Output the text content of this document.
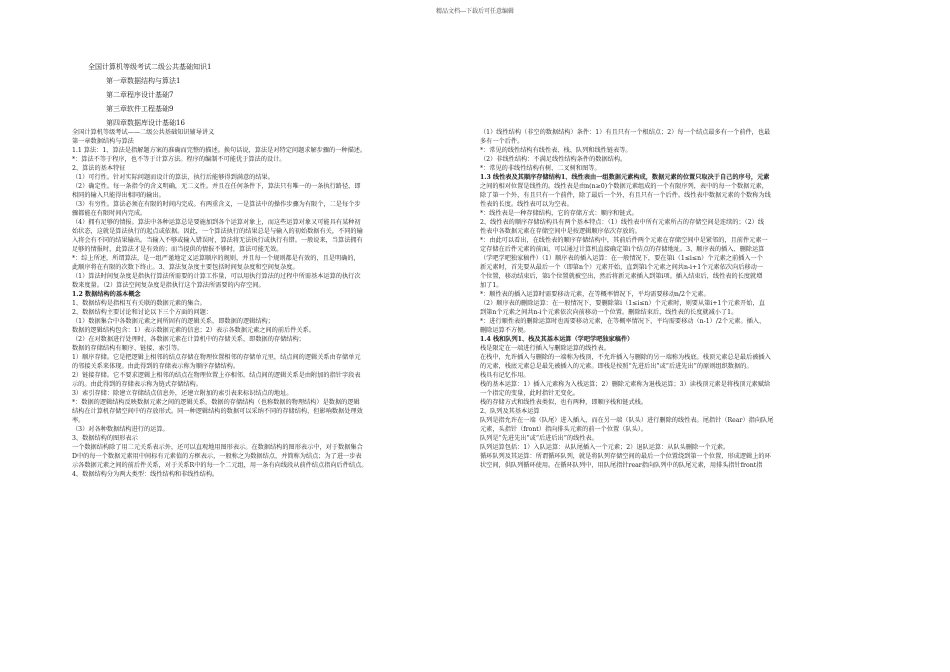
精品文档---下载后可任意编辑
全国计算机等级考试二级公共基础知识1
第一章数据结构与算法1
第二章程序设计基础7
第三章软件工程基础9
第四章数据库设计基础16

全国计算机等级考试——二级公共基础知识辅导讲义

第一章数据结构与算法

1.1 算法：1、算法是指解题方案的准确而完整的描述。换句话说，算法是对特定问题求解步骤的一种描述。

*：算法不等于程序，也不等于计算方法。程序的编制不可能优于算法的设计。

2、算法的基本特征

（1）可行性。针对实际问题而设计的算法，执行后能够得到满意的结果。

（2）确定性。每一条指令的含义明确，无二义性。并且在任何条件下，算法只有唯一的一条执行路径，即

相同的输入只能得出相同的输出。

（3）有穷性。算法必须在有限的时间内完成。有两重含义，一是算法中的操作步骤为有限个，二是每个步

骤都能在有限时间内完成。

（4）拥有足够的情报。算法中各种运算总是要施加到各个运算对象上，而这些运算对象又可能具有某种初

始状态，这就是算法执行的起点或依据。因此，一个算法执行的结果总是与输入的初始数据有关，不同的输

入将会有不同的结果输出。当输入不够或输入错误时，算法将无法执行或执行有错。一般说来，当算法拥有

足够的情报时，此算法才是有效的；而当提供的情报不够时，算法可能无效。

*：综上所述，所谓算法，是一组严谨地定义运算顺序的规则，并且每一个规则都是有效的，且是明确的，

此顺序将在有限的次数下终止。3、算法复杂度主要包括时间复杂度和空间复杂度。

（1）算法时间复杂度是指执行算法所需要的计算工作量，可以用执行算法的过程中所需基本运算的执行次

数来度量。（2）算法空间复杂度是指执行这个算法所需要的内存空间。

1.2 数据结构的基本概念

1、数据结构是指相互有关联的数据元素的集合。

2、数据结构主要讨论和讨论以下三个方面的问题：

（1）数据集合中各数据元素之间所固有的逻辑关系，即数据的逻辑结构；

数据的逻辑结构包含：1）表示数据元素的信息；2）表示各数据元素之间的前后件关系。

（2）在对数据进行处理时，各数据元素在计算机中的存储关系，即数据的存储结构；

数据的存储结构有顺序、链接、索引等。

1）顺序存储。它是把逻辑上相邻的结点存储在物理位置相邻的存储单元里，结点间的逻辑关系由存储单元

的邻接关系来体现。由此得到的存储表示称为顺序存储结构。

2）链接存储。它不要求逻辑上相邻的结点在物理位置上亦相邻，结点间的逻辑关系是由附加的指针字段表

示的。由此得到的存储表示称为链式存储结构。

3）索引存储：除建立存储结点信息外，还建立附加的索引表来标识结点的地址。

*：数据的逻辑结构反映数据元素之间的逻辑关系，数据的存储结构（也称数据的物理结构）是数据的逻辑

结构在计算机存储空间中的存放形式。同一种逻辑结构的数据可以采纳不同的存储结构，但影响数据处理效

率。

（3）对各种数据结构进行的运算。

3、数据结构的图形表示

一个数据结构除了用二元关系表示外，还可以直观地用图形表示。在数据结构的图形表示中，对于数据集合

D中的每一个数据元素用中间标有元素值的方框表示，一般称之为数据结点，并简称为结点；为了进一步表

示各数据元素之间的前后件关系，对于关系R中的每一个二元组，用一条有向线段从前件结点指向后件结点。

4、数据结构分为两大类型：线性结构和非线性结构。

（1）线性结构（非空的数据结构）条件：1）有且只有一个根结点；2）每一个结点最多有一个前件，也最

多有一个后件。

*：常见的线性结构有线性表、栈、队列和线性链表等。

（2）非线性结构：不满足线性结构条件的数据结构。

*：常见的非线性结构有树、二叉树和图等。

1.3 线性表及其顺序存储结构1、线性表由一组数据元素构成，数据元素的位置只取决于自己的序号，元素

之间的相对位置是线性的。线性表是由n(n≥0)个数据元素组成的一个有限序列，表中的每一个数据元素，

除了第一个外，有且只有一个前件，除了最后一个外，有且只有一个后件。线性表中数据元素的个数称为线

性表的长度。线性表可以为空表。

*：线性表是一种存储结构，它的存储方式：顺序和链式。

2、线性表的顺序存储结构具有两个基本特点：（1）线性表中所有元素所占的存储空间是连续的；（2）线

性表中各数据元素在存储空间中是按逻辑顺序依次存放的。

*：由此可以看出，在线性表的顺序存储结构中，其前后件两个元素在存储空间中是紧邻的，且前件元素一

定存储在后件元素的前面，可以通过计算机直接确定第i个结点的存储地址。3、顺序表的插入、删除运算

（学吧学吧独家稿件）（1）顺序表的插入运算：在一般情况下，要在第i（1≤i≤n）个元素之前插入一个

新元素时，首先要从最后一个（即第n个）元素开始，直到第i个元素之间共n-i+1个元素依次向后移动一

个位置，移动结束后，第i个位置就被空出，然后将新元素插入到第i项。插入结束后，线性表的长度就增

加了1。

*：顺性表的插入运算时需要移动元素，在等概率情况下，平均需要移动n/2个元素。

（2）顺序表的删除运算：在一般情况下，要删除第i（1≤i≤n）个元素时，则要从第i+1个元素开始，直

到第n个元素之间共n-i个元素依次向前移动一个位置。删除结束后，线性表的长度就减小了1。

*：进行顺性表的删除运算时也需要移动元素，在等概率情况下，平均需要移动（n-1）/2个元素。插入、

删除运算不方便。

1.4 栈和队列1、栈及其基本运算（学吧学吧独家稿件）

栈是限定在一端进行插入与删除运算的线性表。

在栈中，允许插入与删除的一端称为栈顶，不允许插入与删除的另一端称为栈底。栈顶元素总是最后被插入

的元素，栈底元素总是最先被插入的元素。即栈是按照“先进后出”或“后进先出”的原则组织数据的。

栈具有记忆作用。

栈的基本运算：1）插入元素称为入栈运算；2）删除元素称为退栈运算；3）读栈顶元素是将栈顶元素赋给

一个指定的变量，此时指针无变化。

栈的存储方式和线性表类似，也有两种，即顺序栈和链式栈。

2、队列及其基本运算

队列是指允许在一端（队尾）进入插入，而在另一端（队头）进行删除的线性表。尾指针（Rear）指向队尾

元素，头指针（front）指向排头元素的前一个位置（队头）。

队列是“先进先出”或“后进后出”的线性表。

队列运算包括：1）入队运算：从队尾插入一个元素；2）退队运算：从队头删除一个元素。

循环队列及其运算：所谓循环队列，就是将队列存储空间的最后一个位置绕到第一个位置，形成逻辑上的环

状空间，供队列循环使用。在循环队列中，用队尾指针rear指向队列中的队尾元素，用排头指针front指
